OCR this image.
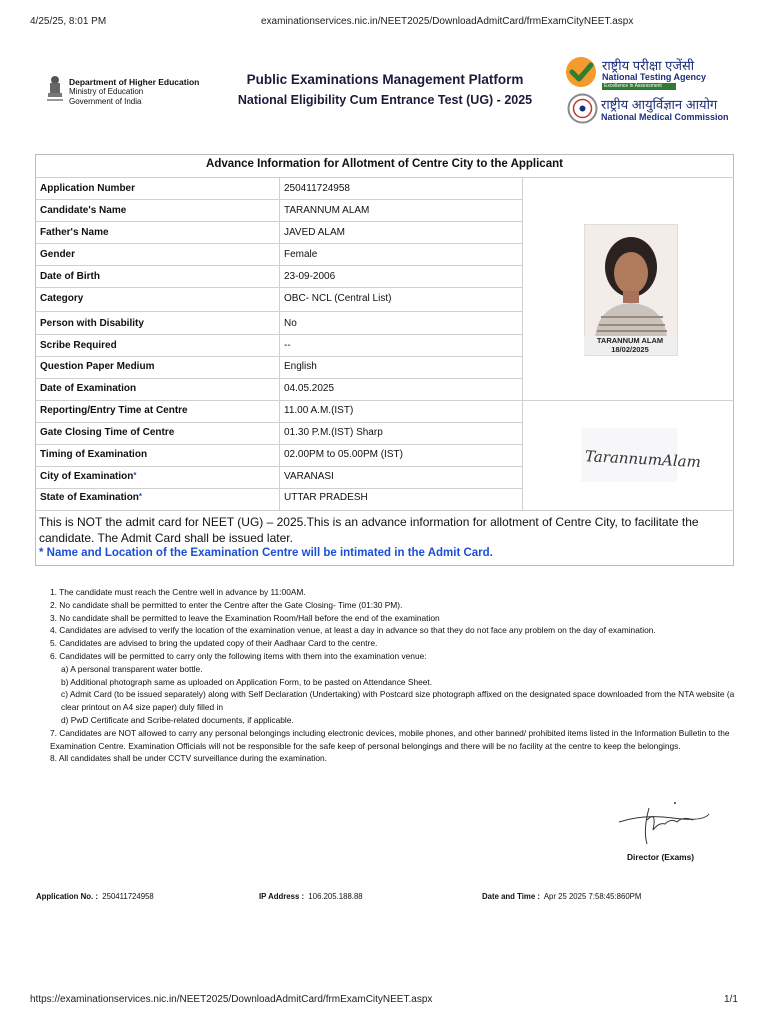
4/25/25, 8:01 PM	examinationservices.nic.in/NEET2025/DownloadAdmitCard/frmExamCityNEET.aspx
Department of Higher Education
Ministry of Education
Government of India
Public Examinations Management Platform
National Eligibility Cum Entrance Test (UG) - 2025
राष्ट्रीय परीक्षा एजेंसी
National Testing Agency
Excellence in Assessment
राष्ट्रीय आयुर्विज्ञान आयोग
National Medical Commission
Advance Information for Allotment of Centre City to the Applicant
Application Number	250411724958
Candidate's Name	TARANNUM ALAM
Father's Name	JAVED ALAM
Gender	Female
Date of Birth	23-09-2006
Category	OBC- NCL (Central List)
Person with Disability	No
Scribe Required	--
Question Paper Medium	English
Date of Examination	04.05.2025
Reporting/Entry Time at Centre	11.00 A.M.(IST)
Gate Closing Time of Centre	01.30 P.M.(IST) Sharp
Timing of Examination	02.00PM to 05.00PM (IST)
City of Examination*	VARANASI
State of Examination*	UTTAR PRADESH
TARANNUM ALAM
18/02/2025
TarannumAlam
This is NOT the admit card for NEET (UG) – 2025.This is an advance information for allotment of Centre City, to facilitate the candidate. The Admit Card shall be issued later.
* Name and Location of the Examination Centre will be intimated in the Admit Card.
1. The candidate must reach the Centre well in advance by 11:00AM.
2. No candidate shall be permitted to enter the Centre after the Gate Closing- Time (01:30 PM).
3. No candidate shall be permitted to leave the Examination Room/Hall before the end of the examination
4. Candidates are advised to verify the location of the examination venue, at least a day in advance so that they do not face any problem on the day of examination.
5. Candidates are advised to bring the updated copy of their Aadhaar Card to the centre.
6. Candidates will be permitted to carry only the following items with them into the examination venue:
a) A personal transparent water bottle.
b) Additional photograph same as uploaded on Application Form, to be pasted on Attendance Sheet.
c) Admit Card (to be issued separately) along with Self Declaration (Undertaking) with Postcard size photograph affixed on the designated space downloaded from the NTA website (a clear printout on A4 size paper) duly filled in
d) PwD Certificate and Scribe-related documents, if applicable.
7. Candidates are NOT allowed to carry any personal belongings including electronic devices, mobile phones, and other banned/ prohibited items listed in the Information Bulletin to the Examination Centre. Examination Officials will not be responsible for the safe keep of personal belongings and there will be no facility at the centre to keep the belongings.
8. All candidates shall be under CCTV surveillance during the examination.
Director (Exams)
Application No. : 250411724958	IP Address : 106.205.188.88	Date and Time : Apr 25 2025 7:58:45:860PM
https://examinationservices.nic.in/NEET2025/DownloadAdmitCard/frmExamCityNEET.aspx	1/1
